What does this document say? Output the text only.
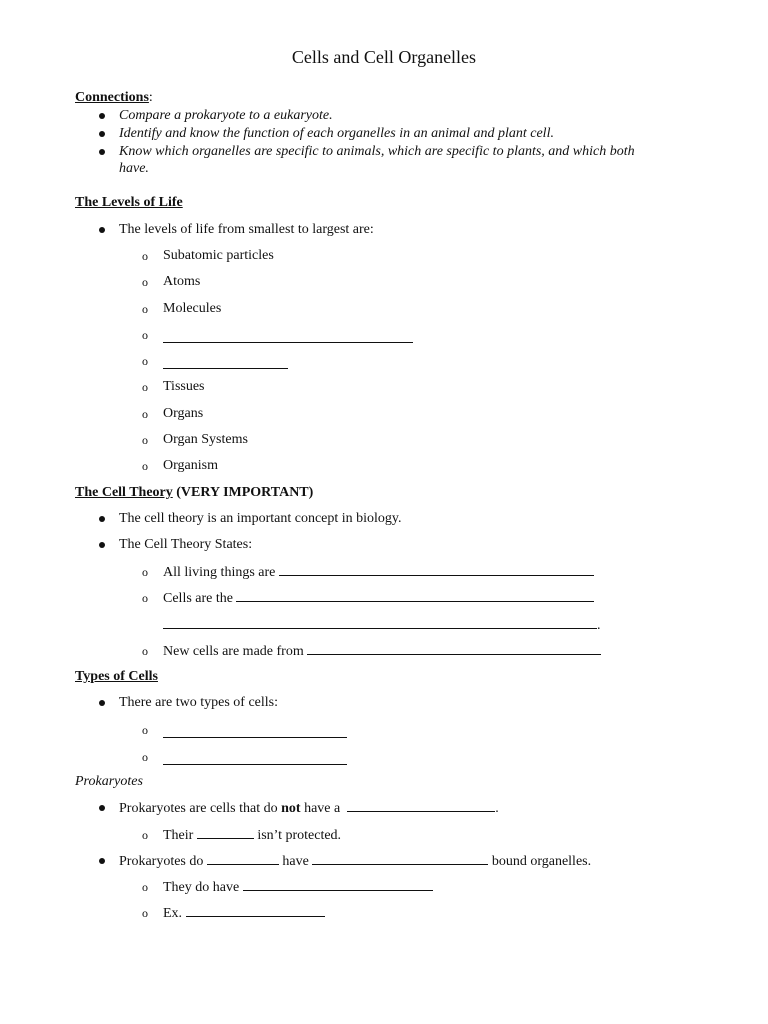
Cells and Cell Organelles
Connections:
Compare a prokaryote to a eukaryote.
Identify and know the function of each organelles in an animal and plant cell.
Know which organelles are specific to animals, which are specific to plants, and which both
have.
The Levels of Life
The levels of life from smallest to largest are:
o Subatomic particles
o Atoms
o Molecules
o
o
o Tissues
o Organs
o Organ Systems
o Organism
The Cell Theory (VERY IMPORTANT)
The cell theory is an important concept in biology.
The Cell Theory States:
o All living things are
o Cells are the
.
o New cells are made from
Types of Cells
There are two types of cells:
o
o
Prokaryotes
Prokaryotes are cells that do not have a	.
o Their	isn’t protected.
Prokaryotes do	have	bound organelles.
o They do have
o Ex.
